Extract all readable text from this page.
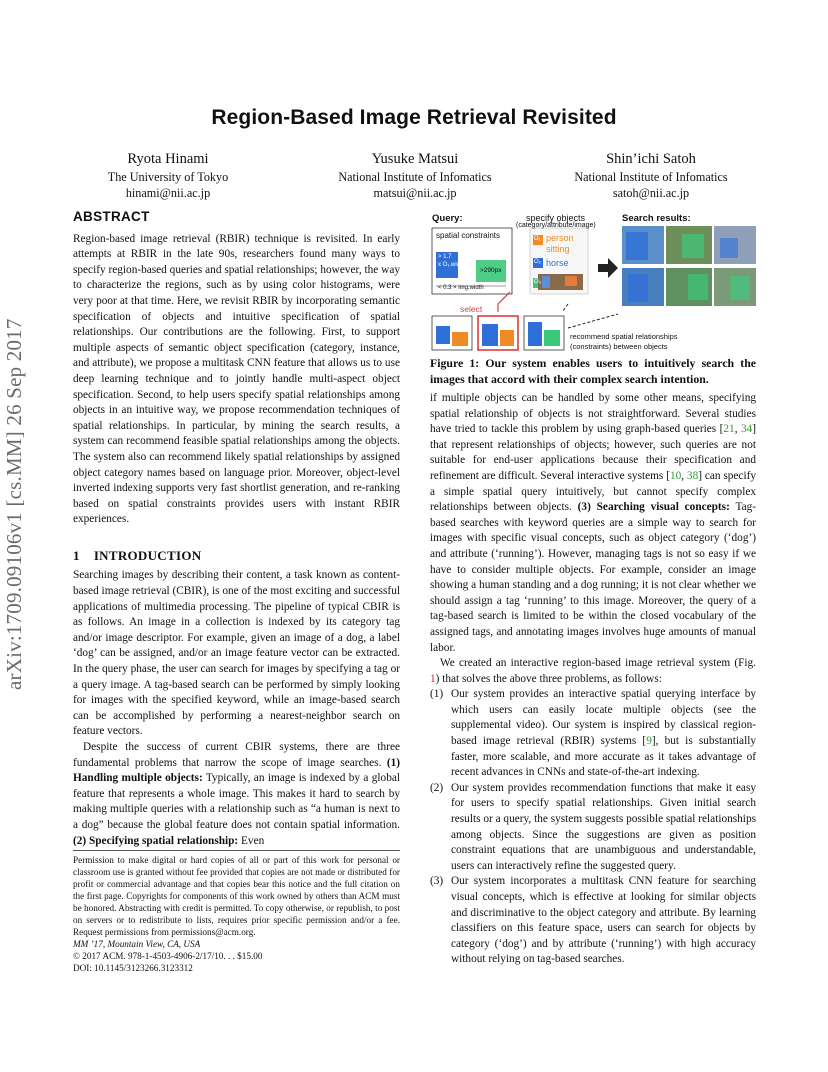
arXiv:1709.09106v1 [cs.MM] 26 Sep 2017
Region-Based Image Retrieval Revisited
Ryota Hinami
The University of Tokyo
hinami@nii.ac.jp
Yusuke Matsui
National Institute of Infomatics
matsui@nii.ac.jp
Shin’ichi Satoh
National Institute of Infomatics
satoh@nii.ac.jp
ABSTRACT

Region-based image retrieval (RBIR) technique is revisited. In early attempts at RBIR in the late 90s, researchers found many ways to specify region-based queries and spatial relationships; however, the way to characterize the regions, such as by using color histograms, were very poor at that time. Here, we revisit RBIR by incorporating semantic specification of objects and intuitive specification of spatial relationships. Our contributions are the following. First, to support multiple aspects of semantic object specification (category, instance, and attribute), we propose a multitask CNN feature that allows us to use deep learning technique and to jointly handle multi-aspect object specification. Second, to help users specify spatial relationships among objects in an intuitive way, we propose recommendation techniques of spatial relationships. In particular, by mining the search results, a system can recommend feasible spatial relationships among the objects. The system also can recommend likely spatial relationships by assigned object category names based on language prior. Moreover, object-level inverted indexing supports very fast shortlist generation, and re-ranking based on spatial constraints provides users with instant RBIR experiences.

1 INTRODUCTION

Searching images by describing their content, a task known as content-based image retrieval (CBIR), is one of the most exciting and successful applications of multimedia processing. The pipeline of typical CBIR is as follows. An image in a collection is indexed by its category tag and/or image descriptor. For example, given an image of a dog, a label ‘dog’ can be assigned, and/or an image feature vector can be extracted. In the query phase, the user can search for images by specifying a tag or a query image. A tag-based search can be performed by simply looking for images with the specified keyword, while an image-based search can be accomplished by performing a nearest-neighbor search on feature vectors.

Despite the success of current CBIR systems, there are three fundamental problems that narrow the scope of image searches. (1) Handling multiple objects: Typically, an image is indexed by a global feature that represents a whole image. This makes it hard to search by making multiple queries with a relationship such as “a human is next to a dog” because the global feature does not contain spatial information. (2) Specifying spatial relationship: Even

Permission to make digital or hard copies of all or part of this work for personal or classroom use is granted without fee provided that copies are not made or distributed for profit or commercial advantage and that copies bear this notice and the full citation on the first page. Copyrights for components of this work owned by others than ACM must be honored. Abstracting with credit is permitted. To copy otherwise, or republish, to post on servers or to redistribute to lists, requires prior specific permission and/or a fee. Request permissions from permissions@acm.org.
MM ’17, Mountain View, CA, USA
© 2017 ACM. 978-1-4503-4906-2/17/10. . . $15.00
DOI: 10.1145/3123266.3123312
Query:	specify objects
(category/attribute/image)
Search results:
spatial constraints
> 1.7
x O₁.width
>290px
< 0.3 × img.width
O₁
O₂
O₃
person
sitting
horse
select
recommend spatial relationships
(constraints) between objects
Figure 1: Our system enables users to intuitively search the images that accord with their complex search intention.

if multiple objects can be handled by some other means, specifying spatial relationship of objects is not straightforward. Several studies have tried to tackle this problem by using graph-based queries [21, 34] that represent relationships of objects; however, such queries are not suitable for end-user applications because their specification and refinement are difficult. Several interactive systems [10, 38] can specify a simple spatial query intuitively, but cannot specify complex relationships between objects. (3) Searching visual concepts: Tag-based searches with keyword queries are a simple way to search for images with specific visual concepts, such as object category (‘dog’) and attribute (‘running’). However, managing tags is not so easy if we have to consider multiple objects. For example, consider an image showing a human standing and a dog running; it is not clear whether we should assign a tag ‘running’ to this image. Moreover, the query of a tag-based search is limited to be within the closed vocabulary of the assigned tags, and annotating images involves huge amounts of manual labor.

We created an interactive region-based image retrieval system (Fig. 1) that solves the above three problems, as follows:

(1) Our system provides an interactive spatial querying interface by which users can easily locate multiple objects (see the supplemental video). Our system is inspired by classical region-based image retrieval (RBIR) systems [9], but is substantially faster, more scalable, and more accurate as it takes advantage of recent advances in CNNs and state-of-the-art indexing.
(2) Our system provides recommendation functions that make it easy for users to specify spatial relationships. Given initial search results or a query, the system suggests possible spatial relationships among objects. Since the suggestions are given as position constraint equations that are unambiguous and understandable, users can interactively refine the suggested query.
(3) Our system incorporates a multitask CNN feature for searching visual concepts, which is effective at looking for similar objects and discriminative to the object category and attribute. By learning classifiers on this feature space, users can search for objects by category (‘dog’) and by attribute (‘running’) with high accuracy without relying on tag-based searches.
